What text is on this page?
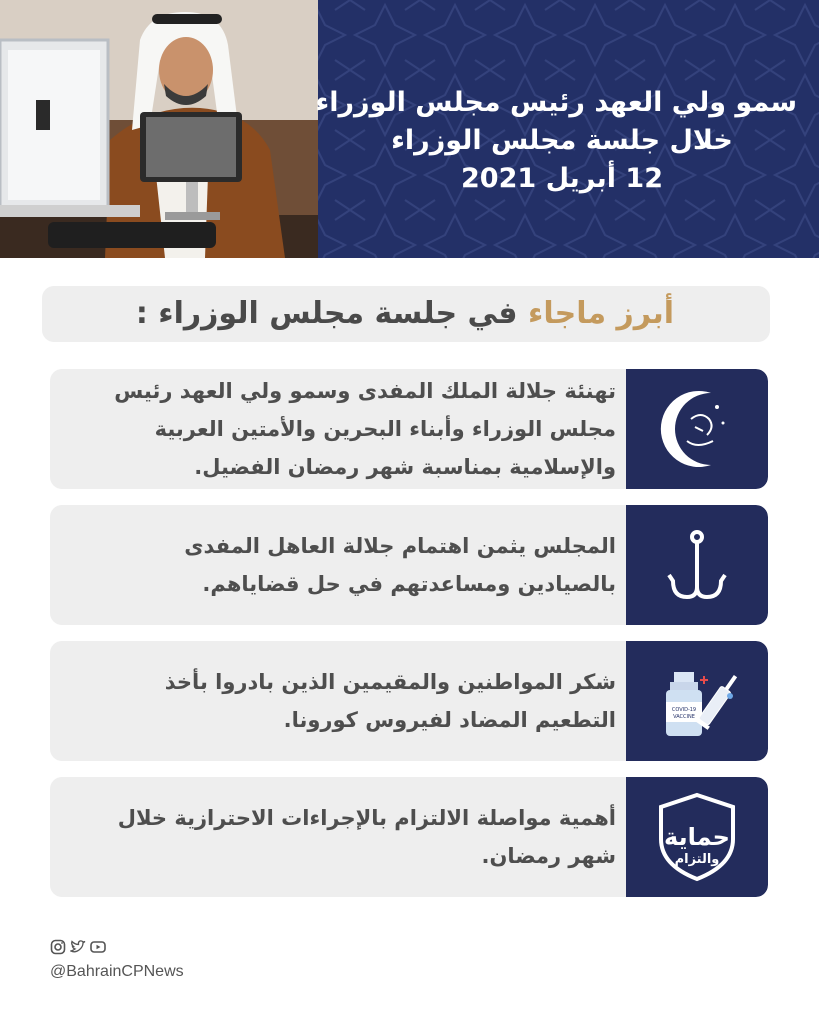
سمو ولي العهد رئيس مجلس الوزراء
خلال جلسة مجلس الوزراء
12 أبريل 2021
أبرز ماجاء في جلسة مجلس الوزراء :
تهنئة جلالة الملك المفدى وسمو ولي العهد رئيس
مجلس الوزراء وأبناء البحرين والأمتين العربية
والإسلامية بمناسبة شهر رمضان الفضيل.
المجلس يثمن اهتمام جلالة العاهل المفدى
بالصيادين ومساعدتهم في حل قضاياهم.
شكر المواطنين والمقيمين الذين بادروا بأخذ
التطعيم المضاد لفيروس كورونا.	COVID-19
VACCINE
أهمية مواصلة الالتزام بالإجراءات الاحترازية خلال
شهر رمضان.
حماية
والتزام
@BahrainCPNews
